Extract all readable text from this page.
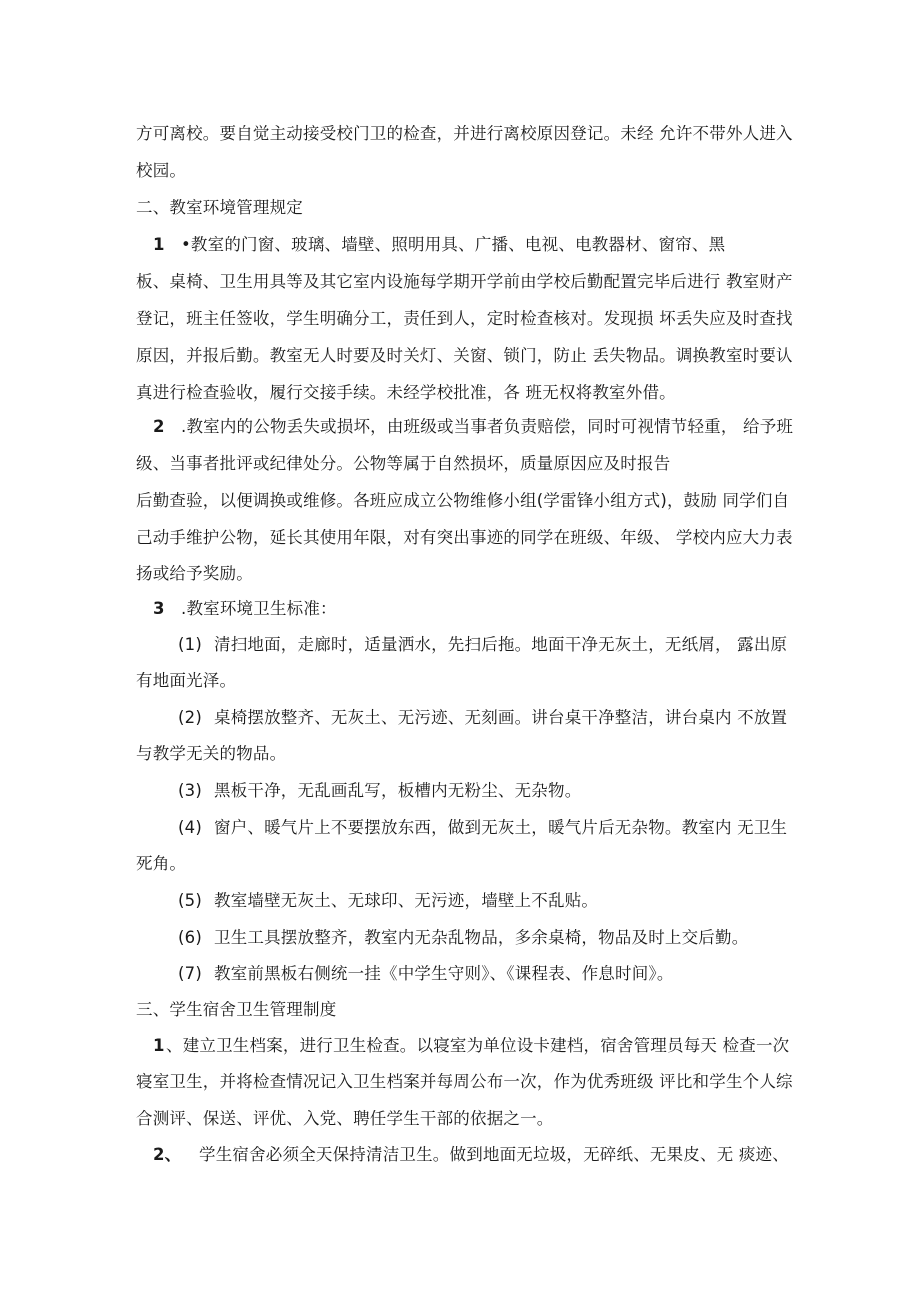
方可离校。要自觉主动接受校门卫的检查，并进行离校原因登记。未经 允许不带外人进入
校园。
二、教室环境管理规定
1 •教室的门窗、玻璃、墙壁、照明用具、广播、电视、电教器材、窗帘、黑
板、桌椅、卫生用具等及其它室内设施每学期开学前由学校后勤配置完毕后进行 教室财产
登记，班主任签收，学生明确分工，责任到人，定时检查核对。发现损 坏丢失应及时查找
原因，并报后勤。教室无人时要及时关灯、关窗、锁门，防止 丢失物品。调换教室时要认
真进行检查验收，履行交接手续。未经学校批准，各 班无权将教室外借。
2 .教室内的公物丢失或损坏，由班级或当事者负责赔偿，同时可视情节轻重， 给予班
级、当事者批评或纪律处分。公物等属于自然损坏，质量原因应及时报告
后勤查验，以便调换或维修。各班应成立公物维修小组(学雷锋小组方式)，鼓励 同学们自
己动手维护公物，延长其使用年限，对有突出事迹的同学在班级、年级、 学校内应大力表
扬或给予奖励。
3 .教室环境卫生标准：
(1) 清扫地面，走廊时，适量洒水，先扫后拖。地面干净无灰土，无纸屑， 露出原
有地面光泽。
(2) 桌椅摆放整齐、无灰土、无污迹、无刻画。讲台桌干净整洁，讲台桌内 不放置
与教学无关的物品。
(3) 黑板干净，无乱画乱写，板槽内无粉尘、无杂物。
(4) 窗户、暖气片上不要摆放东西，做到无灰土，暖气片后无杂物。教室内 无卫生
死角。
(5) 教室墙壁无灰土、无球印、无污迹，墙壁上不乱贴。
(6) 卫生工具摆放整齐，教室内无杂乱物品，多余桌椅，物品及时上交后勤。
(7) 教室前黑板右侧统一挂《中学生守则》、《课程表、作息时间》。
三、学生宿舍卫生管理制度
1 、建立卫生档案，进行卫生检查。以寝室为单位设卡建档，宿舍管理员每天 检查一次
寝室卫生，并将检查情况记入卫生档案并每周公布一次，作为优秀班级 评比和学生个人综
合测评、保送、评优、入党、聘任学生干部的依据之一。
2、 学生宿舍必须全天保持清洁卫生。做到地面无垃圾，无碎纸、无果皮、无 痰迹、
